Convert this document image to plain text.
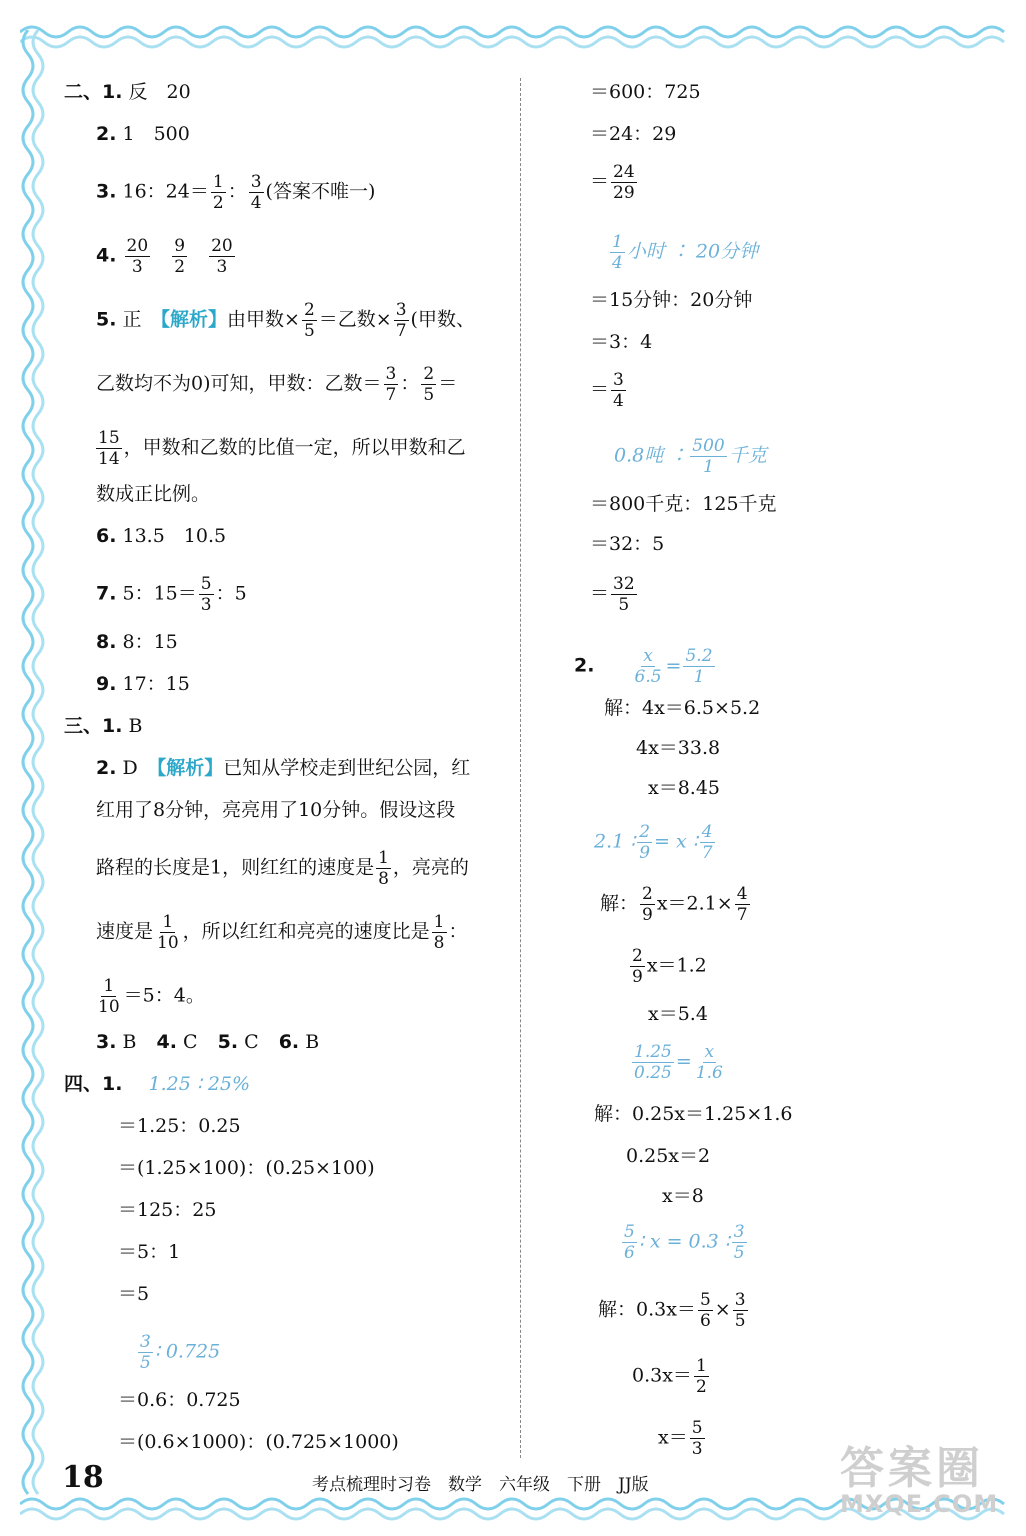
二、1. 反　20
2. 1　500
3. 16：$24= \frac{1}{2}$ ： $\frac{3}{4}$ (答案不唯一)
4. $\frac{20}{3}$
$\frac{9}{2}$
$\frac{20}{3}$
5. 正　 【解析】由甲数× $\frac{2}{5}$ ＝乙数× $\frac{3}{7}$ (甲数、
乙数均不为0)可知，甲数：乙数＝ $\frac{3}{7}$ ： $\frac{2}{5}$ ＝
$\frac{15}{14}$ ，甲数和乙数的比值一定，所以甲数和乙
数成正比例。
6. 13.5　10.5
7. 5：$15= \frac{5}{3}$ ：5
8. 8：15
9. 17：15
三、1. B
2. D　 【解析】已知从学校走到世纪公园，红
红用了8分钟，亮亮用了10分钟。假设这段
路程的长度是1，则红红的速度是 $\frac{1}{8}$ ，亮亮的
速度是 $\frac{1}{10}$ ，所以红红和亮亮的速度比是 $\frac{1}{8}$ ：
$\frac{1}{10} =5$：4。
3. B 4. C 5. C 6. B
四、1. 1.25 ∶ 25%
＝1.25：0.25
＝(1.25×100)：(0.25×100)
＝125：25
＝5：1
＝5
$\frac{3}{5}$ ∶ 0.725
＝0.6：0.725
＝(0.6×1000)：(0.725×1000)
＝600：725
＝24：29
＝ $\frac{24}{29}$
$\frac{1}{4}$ 小时 ∶ 20分钟
＝15分钟：20分钟
＝3：4
＝ $\frac{3}{4}$
0.8吨 ∶ $\frac{500}{1}$ 千克
＝800千克：125千克
＝32：5
＝ $\frac{32}{5}$
2. $\frac{x}{6.5} = \frac{5.2}{1}$
解：4x＝6.5×5.2
4x＝33.8
x＝8.45
2.1 ∶ $\frac{2}{9} = x$ ∶ $\frac{4}{7}$
解： $\frac{2}{9} x=2.1\times \frac{4}{7}$
$\frac{2}{9} x=1.2$
x＝5.4
$\frac{1.25}{0.25} = \frac{x}{1.6}$
解：0.25x＝1.25×1.6
0.25x＝2
x＝8
$\frac{5}{6}$ ∶ x = 0.3 ∶ $\frac{3}{5}$
解：$0.3x= \frac{5}{6} \times \frac{3}{5}$
$0.3x= \frac{1}{2}$
$x= \frac{5}{3}$
18	考点梳理时习卷　数学　六年级　下册　JJ版	答案圈
MXQE.COM
